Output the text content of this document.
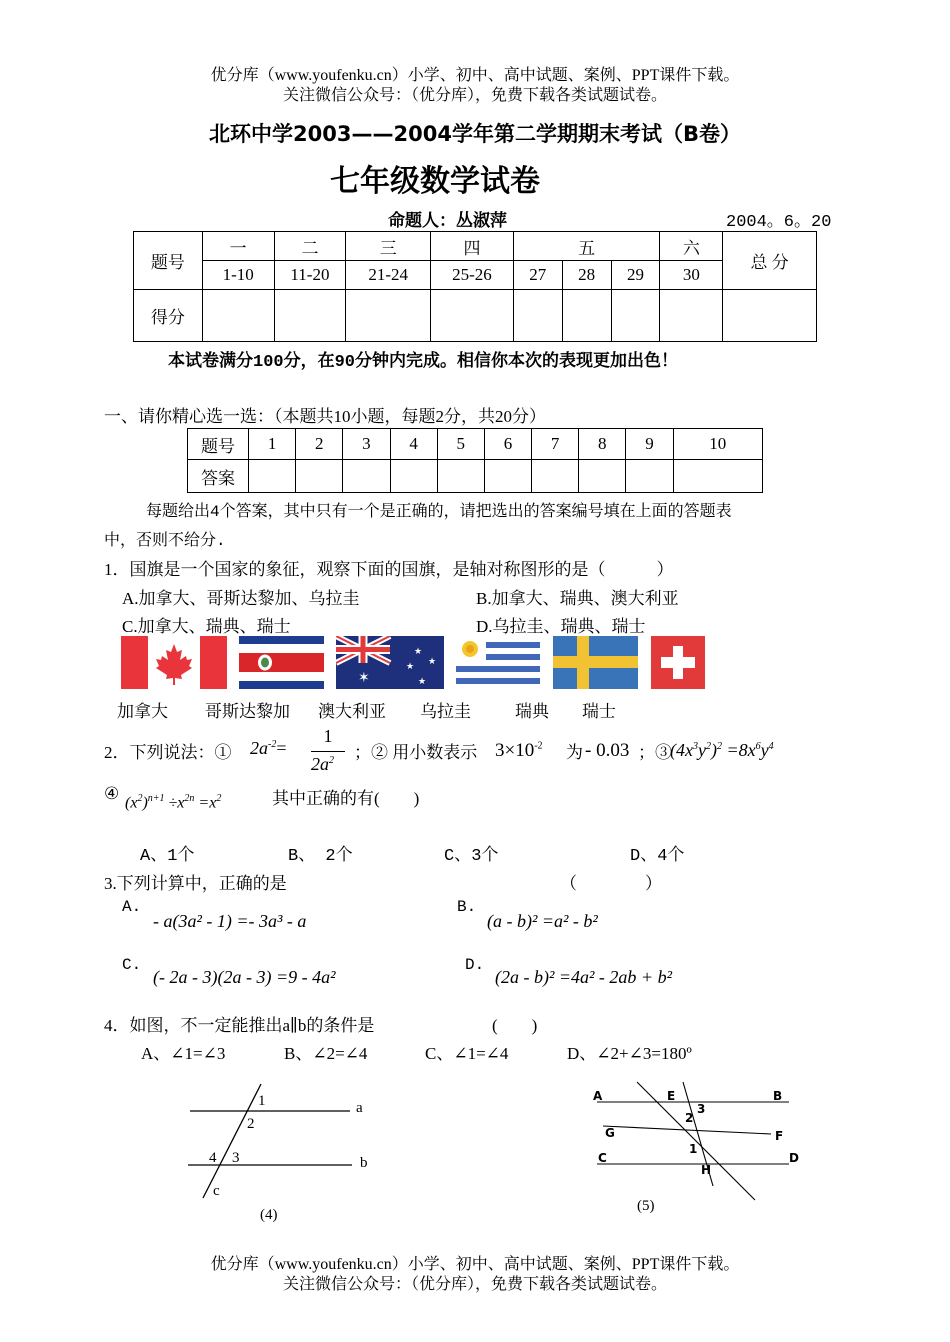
优分库（www.youfenku.cn）小学、初中、高中试题、案例、PPT课件下载。
关注微信公众号：（优分库），免费下载各类试题试卷。
北环中学2003——2004学年第二学期期末考试（B卷）
七年级数学试卷
命题人：丛淑萍	2004。6。20
题号	一	二	三	四	五			六	总 分
	1-10	11-20	21-24	25-26	27	28	29	30	
得分									
本试卷满分100分，在90分钟内完成。相信你本次的表现更加出色！
一、请你精心选一选：（本题共10小题，每题2分，共20分）
题号	1	2	3	4	5	6	7	8	9	10
答案										
每题给出4个答案，其中只有一个是正确的，请把选出的答案编号填在上面的答题表
中，否则不给分.
1．国旗是一个国家的象征，观察下面的国旗，是轴对称图形的是（　　　）
A.加拿大、哥斯达黎加、乌拉圭	B.加拿大、瑞典、澳大利亚
C.加拿大、瑞典、瑞士	D.乌拉圭、瑞典、瑞士
✶
★
★
★
★
加拿大 哥斯达黎加 澳大利亚 乌拉圭	瑞典 瑞士
2．下列说法：① $2a^{-2}=$
1
$2a^2$ ；② 用小数表示 $3\times 10^{-2}$ 为 - 0.03 ；③
$(4x^3y^2)^2 =8x^6y^4$
④ $(x^2)^{n+1} \div x^{2n} =x^2$	其中正确的有(　　)
A、1个	B、 2个	C、3个	D、4个
3.下列计算中，正确的是	（　　　　）
A.
- a(3a² - 1) =- 3a³ - a
B.
(a - b)² =a² - b²
C.
(- 2a - 3)(2a - 3) =9 - 4a²
D.
(2a - b)² =4a² - 2ab + b²
4．如图，不一定能推出a∥b的条件是	(　　)
A、∠1=∠3	B、∠2=∠4	C、∠1=∠4	D、∠2+∠3=180º
1
2
4 3
a
b
c
(4)
A	B
C	D
E
F
G
H
1
2
3
(5)
优分库（www.youfenku.cn）小学、初中、高中试题、案例、PPT课件下载。
关注微信公众号：（优分库），免费下载各类试题试卷。
